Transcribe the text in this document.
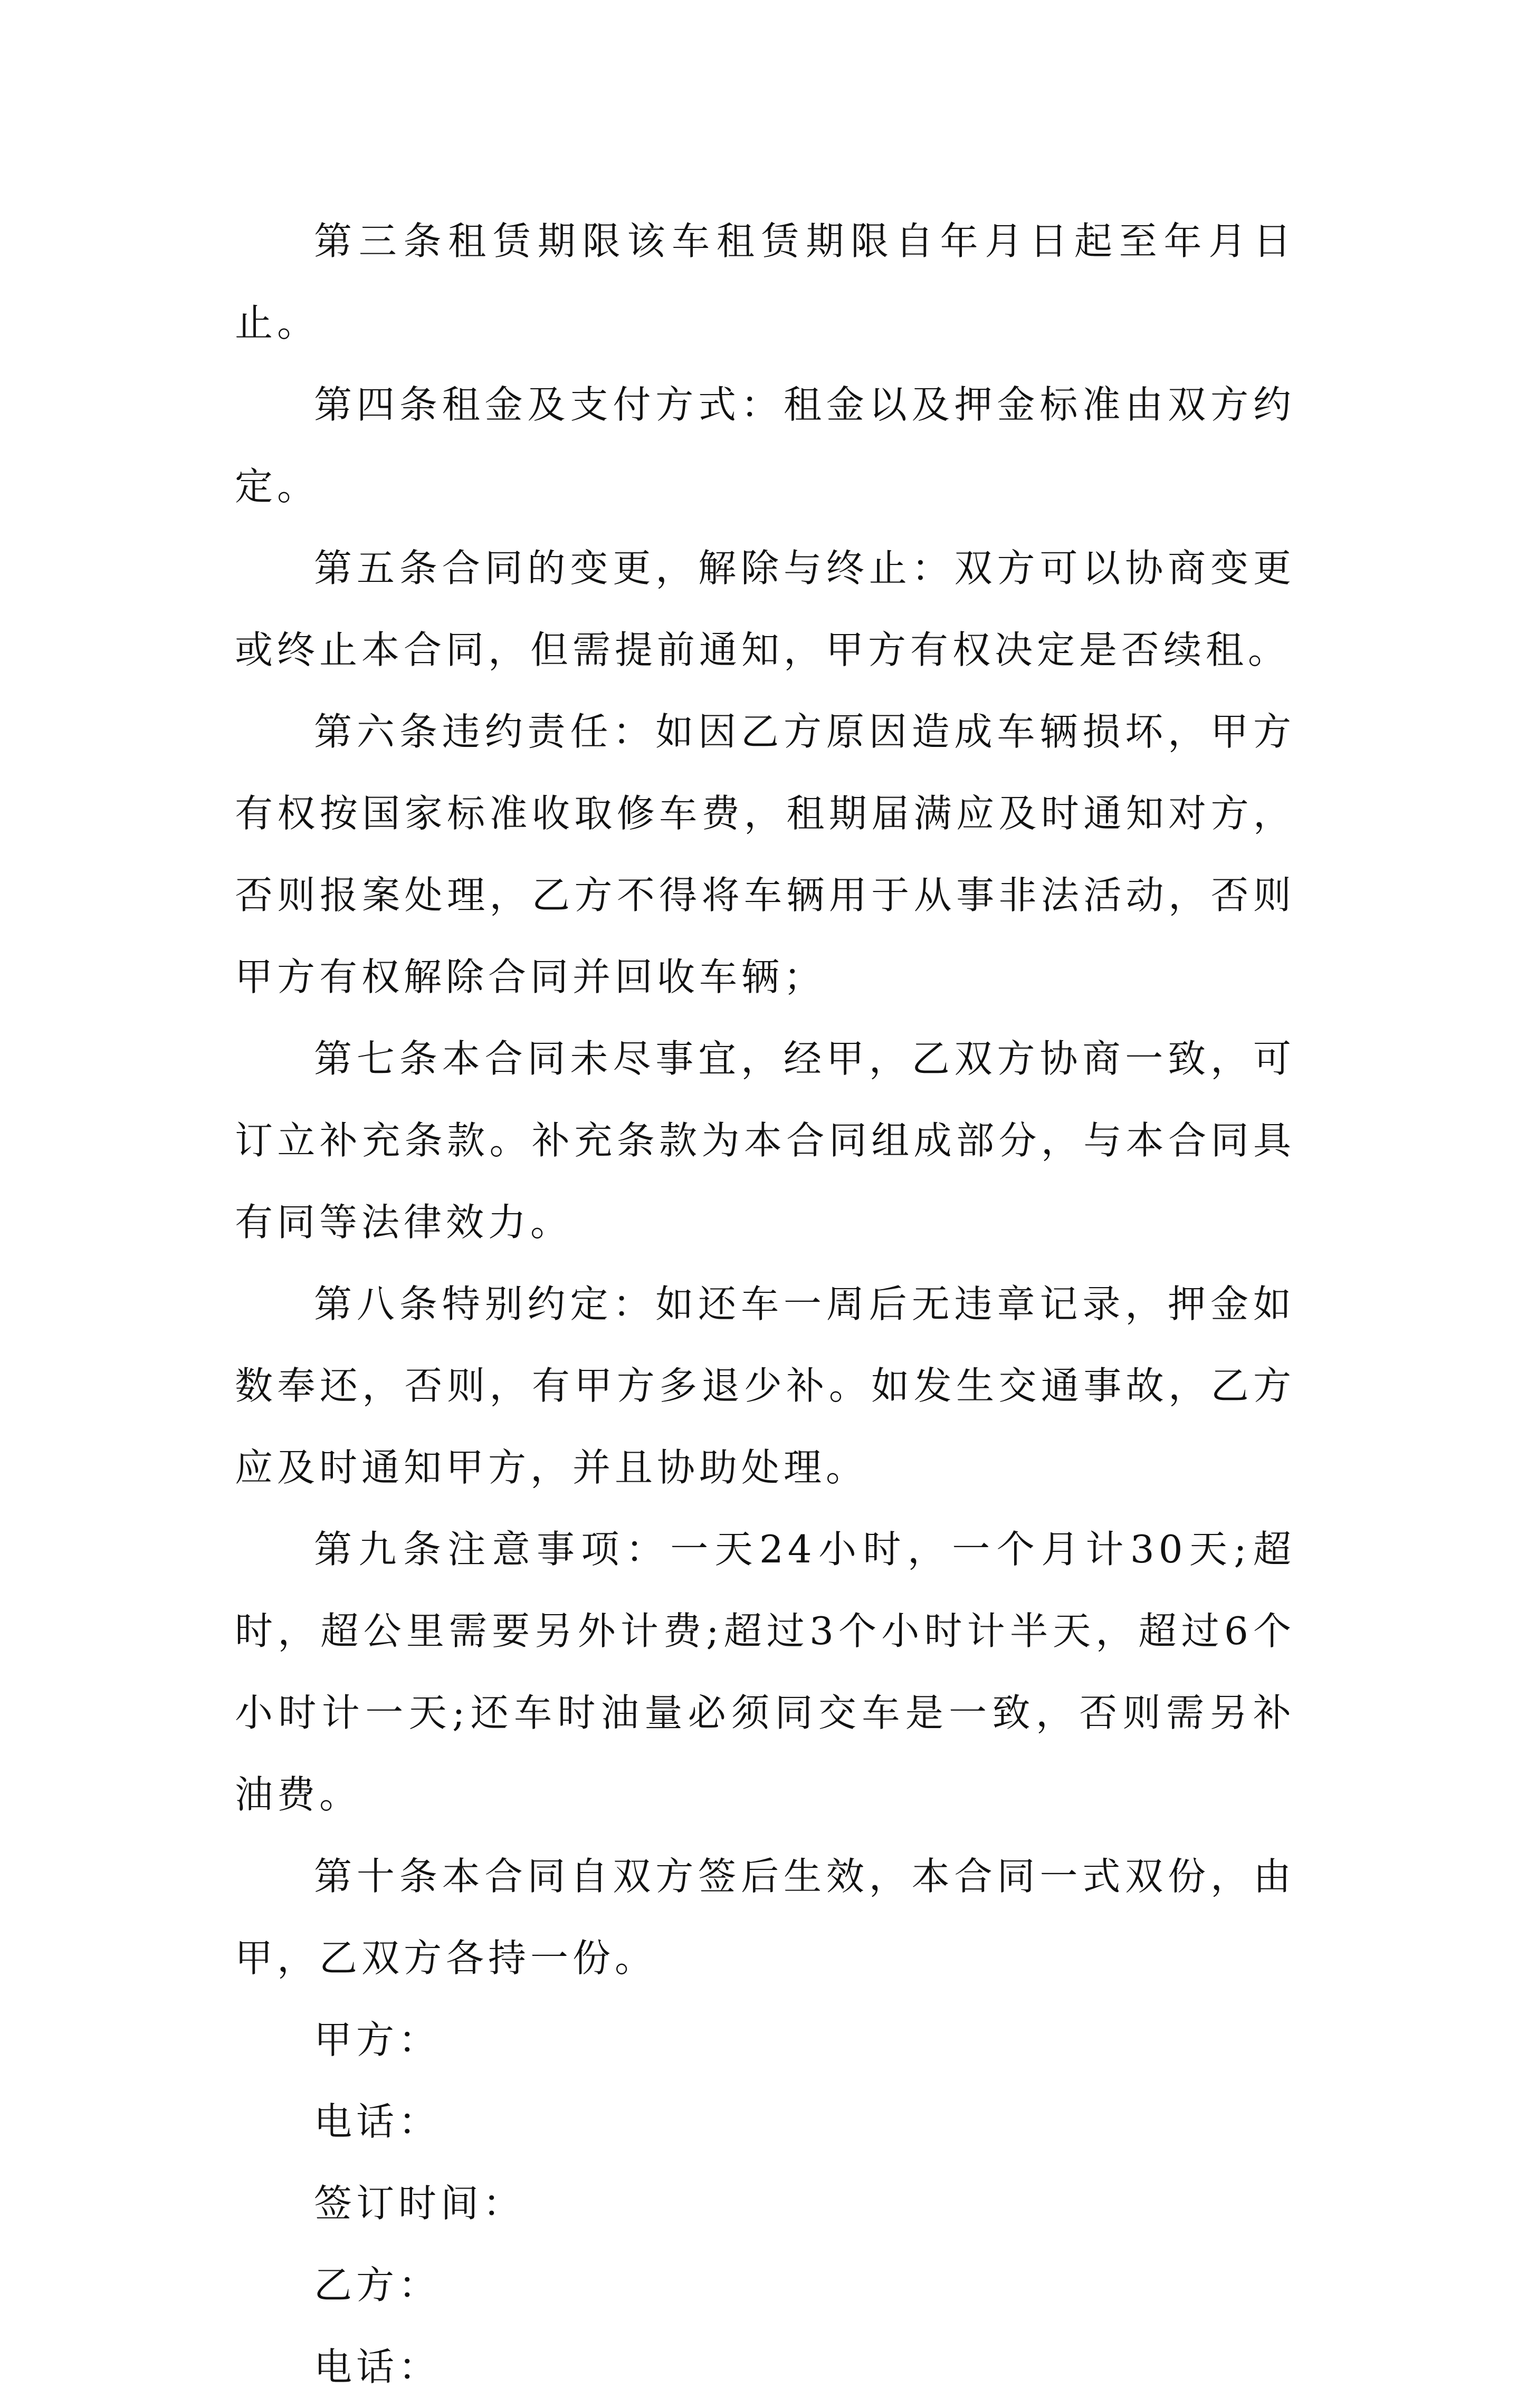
第三条租赁期限该车租赁期限自年月日起至年月日止。

第四条租金及支付方式：租金以及押金标准由双方约定。

第五条合同的变更，解除与终止：双方可以协商变更或终止本合同，但需提前通知，甲方有权决定是否续租。

第六条违约责任：如因乙方原因造成车辆损坏，甲方有权按国家标准收取修车费，租期届满应及时通知对方，否则报案处理，乙方不得将车辆用于从事非法活动，否则甲方有权解除合同并回收车辆；

第七条本合同未尽事宜，经甲，乙双方协商一致，可订立补充条款。补充条款为本合同组成部分，与本合同具有同等法律效力。

第八条特别约定：如还车一周后无违章记录，押金如数奉还，否则，有甲方多退少补。如发生交通事故，乙方应及时通知甲方，并且协助处理。

第九条注意事项：一天24小时，一个月计30天;超时，超公里需要另外计费;超过3个小时计半天，超过6个小时计一天;还车时油量必须同交车是一致，否则需另补油费。

第十条本合同自双方签后生效，本合同一式双份，由甲，乙双方各持一份。

甲方：

电话：

签订时间：

乙方：

电话：
